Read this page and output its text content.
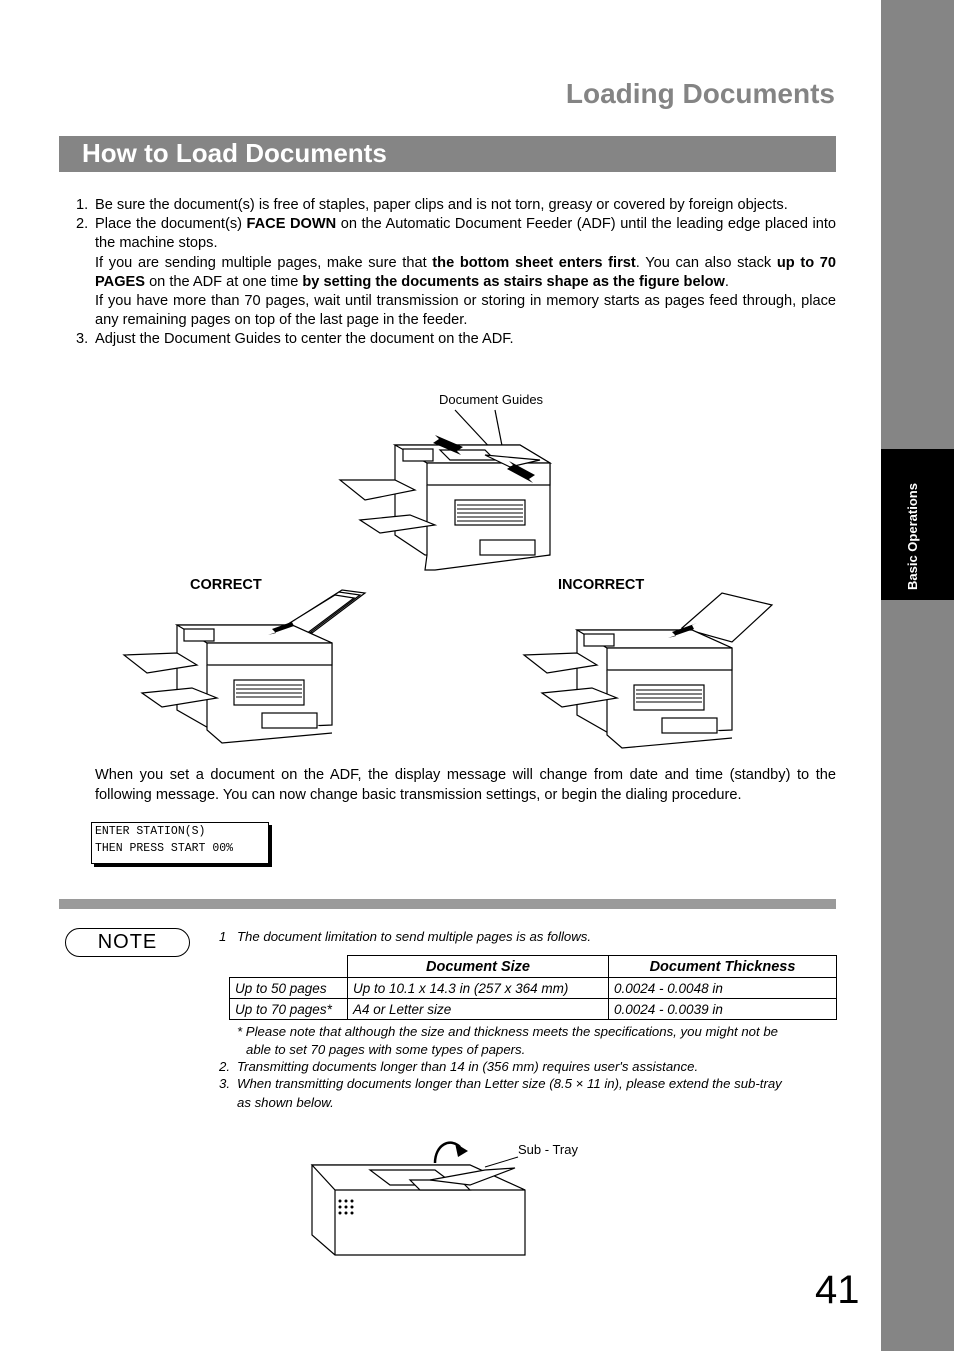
Basic Operations
Loading Documents
How to Load Documents
1. Be sure the document(s) is free of staples, paper clips and is not torn, greasy or covered by foreign objects.
2. Place the document(s) FACE DOWN on the Automatic Document Feeder (ADF) until the leading edge placed into the machine stops.

If you are sending multiple pages, make sure that the bottom sheet enters first. You can also stack up to 70 PAGES on the ADF at one time by setting the documents as stairs shape as the figure below.

If you have more than 70 pages, wait until transmission or storing in memory starts as pages feed through, place any remaining pages on top of the last page in the feeder.

3. Adjust the Document Guides to center the document on the ADF.
Document Guides
CORRECT	INCORRECT
When you set a document on the ADF, the display message will change from date and time (standby) to the following message. You can now change basic transmission settings, or begin the dialing procedure.
ENTER STATION(S)
THEN PRESS START 00%
NOTE	1 The document limitation to send multiple pages is as follows.
	Document Size	Document Thickness
Up to 50 pages	Up to 10.1 x 14.3 in (257 x 364 mm)	0.0024 - 0.0048 in
Up to 70 pages*	A4 or Letter size	0.0024 - 0.0039 in
* Please note that although the size and thickness meets the specifications, you might not be
able to set 70 pages with some types of papers.
2. Transmitting documents longer than 14 in (356 mm) requires user's assistance.
3. When transmitting documents longer than Letter size (8.5 × 11 in), please extend the sub-tray
as shown below.
Sub - Tray
41
